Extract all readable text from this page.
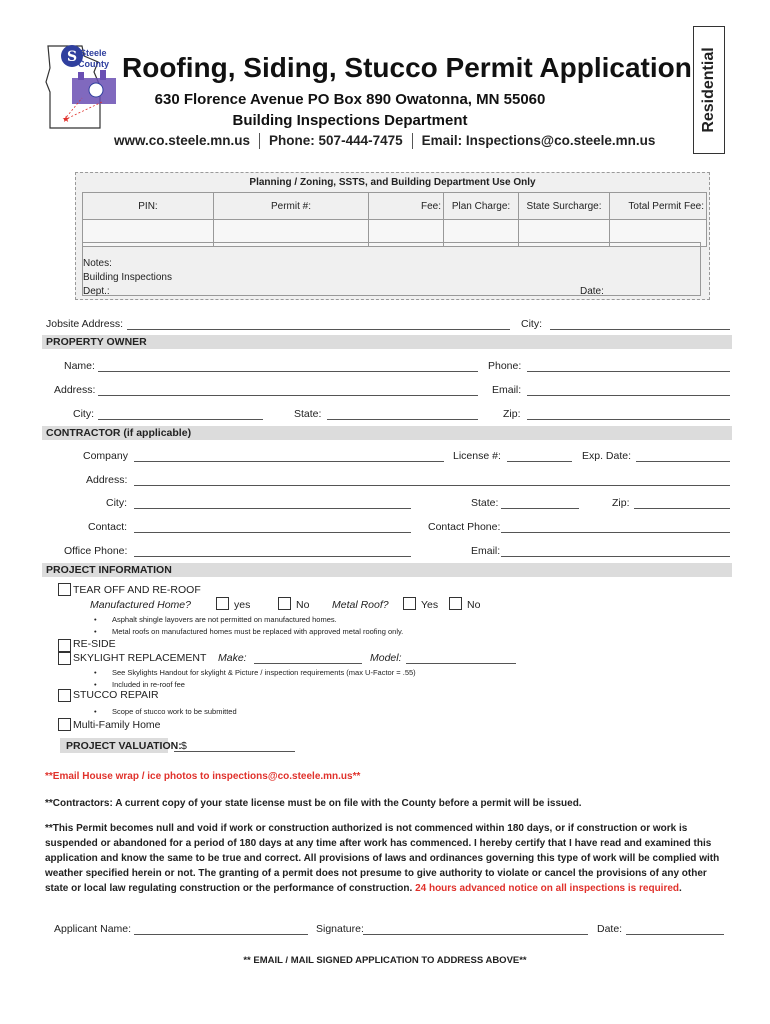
S
★
Steele
County Roofing, Siding, Stucco Permit Application
630 Florence Avenue PO Box 890 Owatonna, MN 55060
Building Inspections Department
www.co.steele.mn.us Phone: 507-444-7475 Email: Inspections@co.steele.mn.us
Residential
Planning / Zoning, SSTS, and Building Department Use Only
PIN:	Permit #:	Fee:	Plan Charge:	State Surcharge:	Total Permit Fee:

Notes:
Building Inspections
Dept.:	Date:
Jobsite Address:	City:
PROPERTY OWNER
Name:	Phone:
Address:	Email:
City:	State:	Zip:
CONTRACTOR (if applicable)
Company	License #:	Exp. Date:
Address:
City:	State:	Zip:
Contact:	Contact Phone:
Office Phone:	Email:
PROJECT INFORMATION
TEAR OFF AND RE-ROOF
Manufactured Home?	yes	No Metal Roof?	Yes	No
• Asphalt shingle layovers are not permitted on manufactured homes.
• Metal roofs on manufactured homes must be replaced with approved metal roofing only.
RE-SIDE
SKYLIGHT REPLACEMENT Make:	Model:
• See Skylights Handout for skylight & Picture / inspection requirements (max U-Factor = .55)
• Included in re-roof fee
STUCCO REPAIR
• Scope of stucco work to be submitted
Multi-Family Home
PROJECT VALUATION: $
**Email House wrap / ice photos to inspections@co.steele.mn.us**
**Contractors: A current copy of your state license must be on file with the County before a permit will be issued.
**This Permit becomes null and void if work or construction authorized is not commenced within 180 days, or if construction or work is
suspended or abandoned for a period of 180 days at any time after work has commenced. I hereby certify that I have read and examined this
application and know the same to be true and correct. All provisions of laws and ordinances governing this type of work will be complied with
weather specified herein or not. The granting of a permit does not presume to give authority to violate or cancel the provisions of any other
state or local law regulating construction or the performance of construction. 24 hours advanced notice on all inspections is required.
Applicant Name:	Signature:	Date:
** EMAIL / MAIL SIGNED APPLICATION TO ADDRESS ABOVE**
